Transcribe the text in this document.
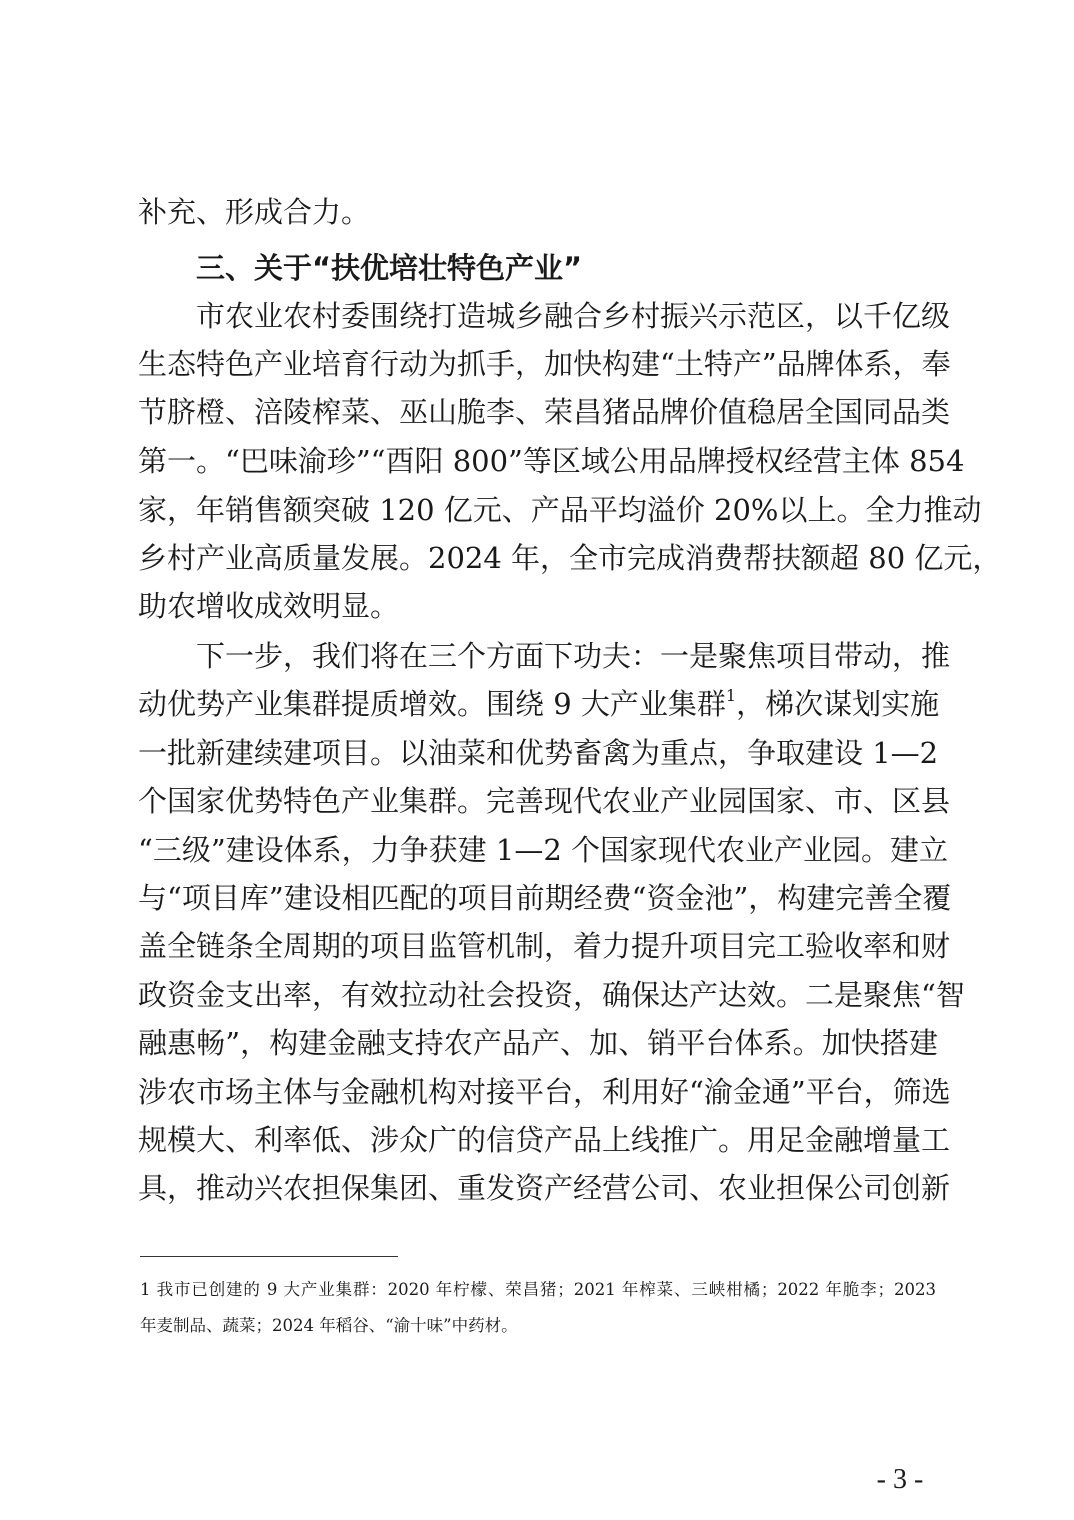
补充、形成合力。
三、关于“扶优培壮特色产业”
市农业农村委围绕打造城乡融合乡村振兴示范区，以千亿级
生态特色产业培育行动为抓手，加快构建“土特产”品牌体系，奉
节脐橙、涪陵榨菜、巫山脆李、荣昌猪品牌价值稳居全国同品类
第一。“巴味渝珍”“酉阳 800”等区域公用品牌授权经营主体 854
家，年销售额突破 120 亿元、产品平均溢价 20%以上。全力推动
乡村产业高质量发展。2024 年，全市完成消费帮扶额超 80 亿元，
助农增收成效明显。
下一步，我们将在三个方面下功夫：一是聚焦项目带动，推
动优势产业集群提质增效。围绕 9 大产业集群$^1$，梯次谋划实施
一批新建续建项目。以油菜和优势畜禽为重点，争取建设 1—2
个国家优势特色产业集群。完善现代农业产业园国家、市、区县
“三级”建设体系，力争获建 1—2 个国家现代农业产业园。建立
与“项目库”建设相匹配的项目前期经费“资金池”，构建完善全覆
盖全链条全周期的项目监管机制，着力提升项目完工验收率和财
政资金支出率，有效拉动社会投资，确保达产达效。二是聚焦“智
融惠畅”，构建金融支持农产品产、加、销平台体系。加快搭建
涉农市场主体与金融机构对接平台，利用好“渝金通”平台，筛选
规模大、利率低、涉众广的信贷产品上线推广。用足金融增量工
具，推动兴农担保集团、重发资产经营公司、农业担保公司创新
1 我市已创建的 9 大产业集群：2020 年柠檬、荣昌猪；2021 年榨菜、三峡柑橘；2022 年脆李；2023
年麦制品、蔬菜；2024 年稻谷、“渝十味”中药材。
- 3 -
